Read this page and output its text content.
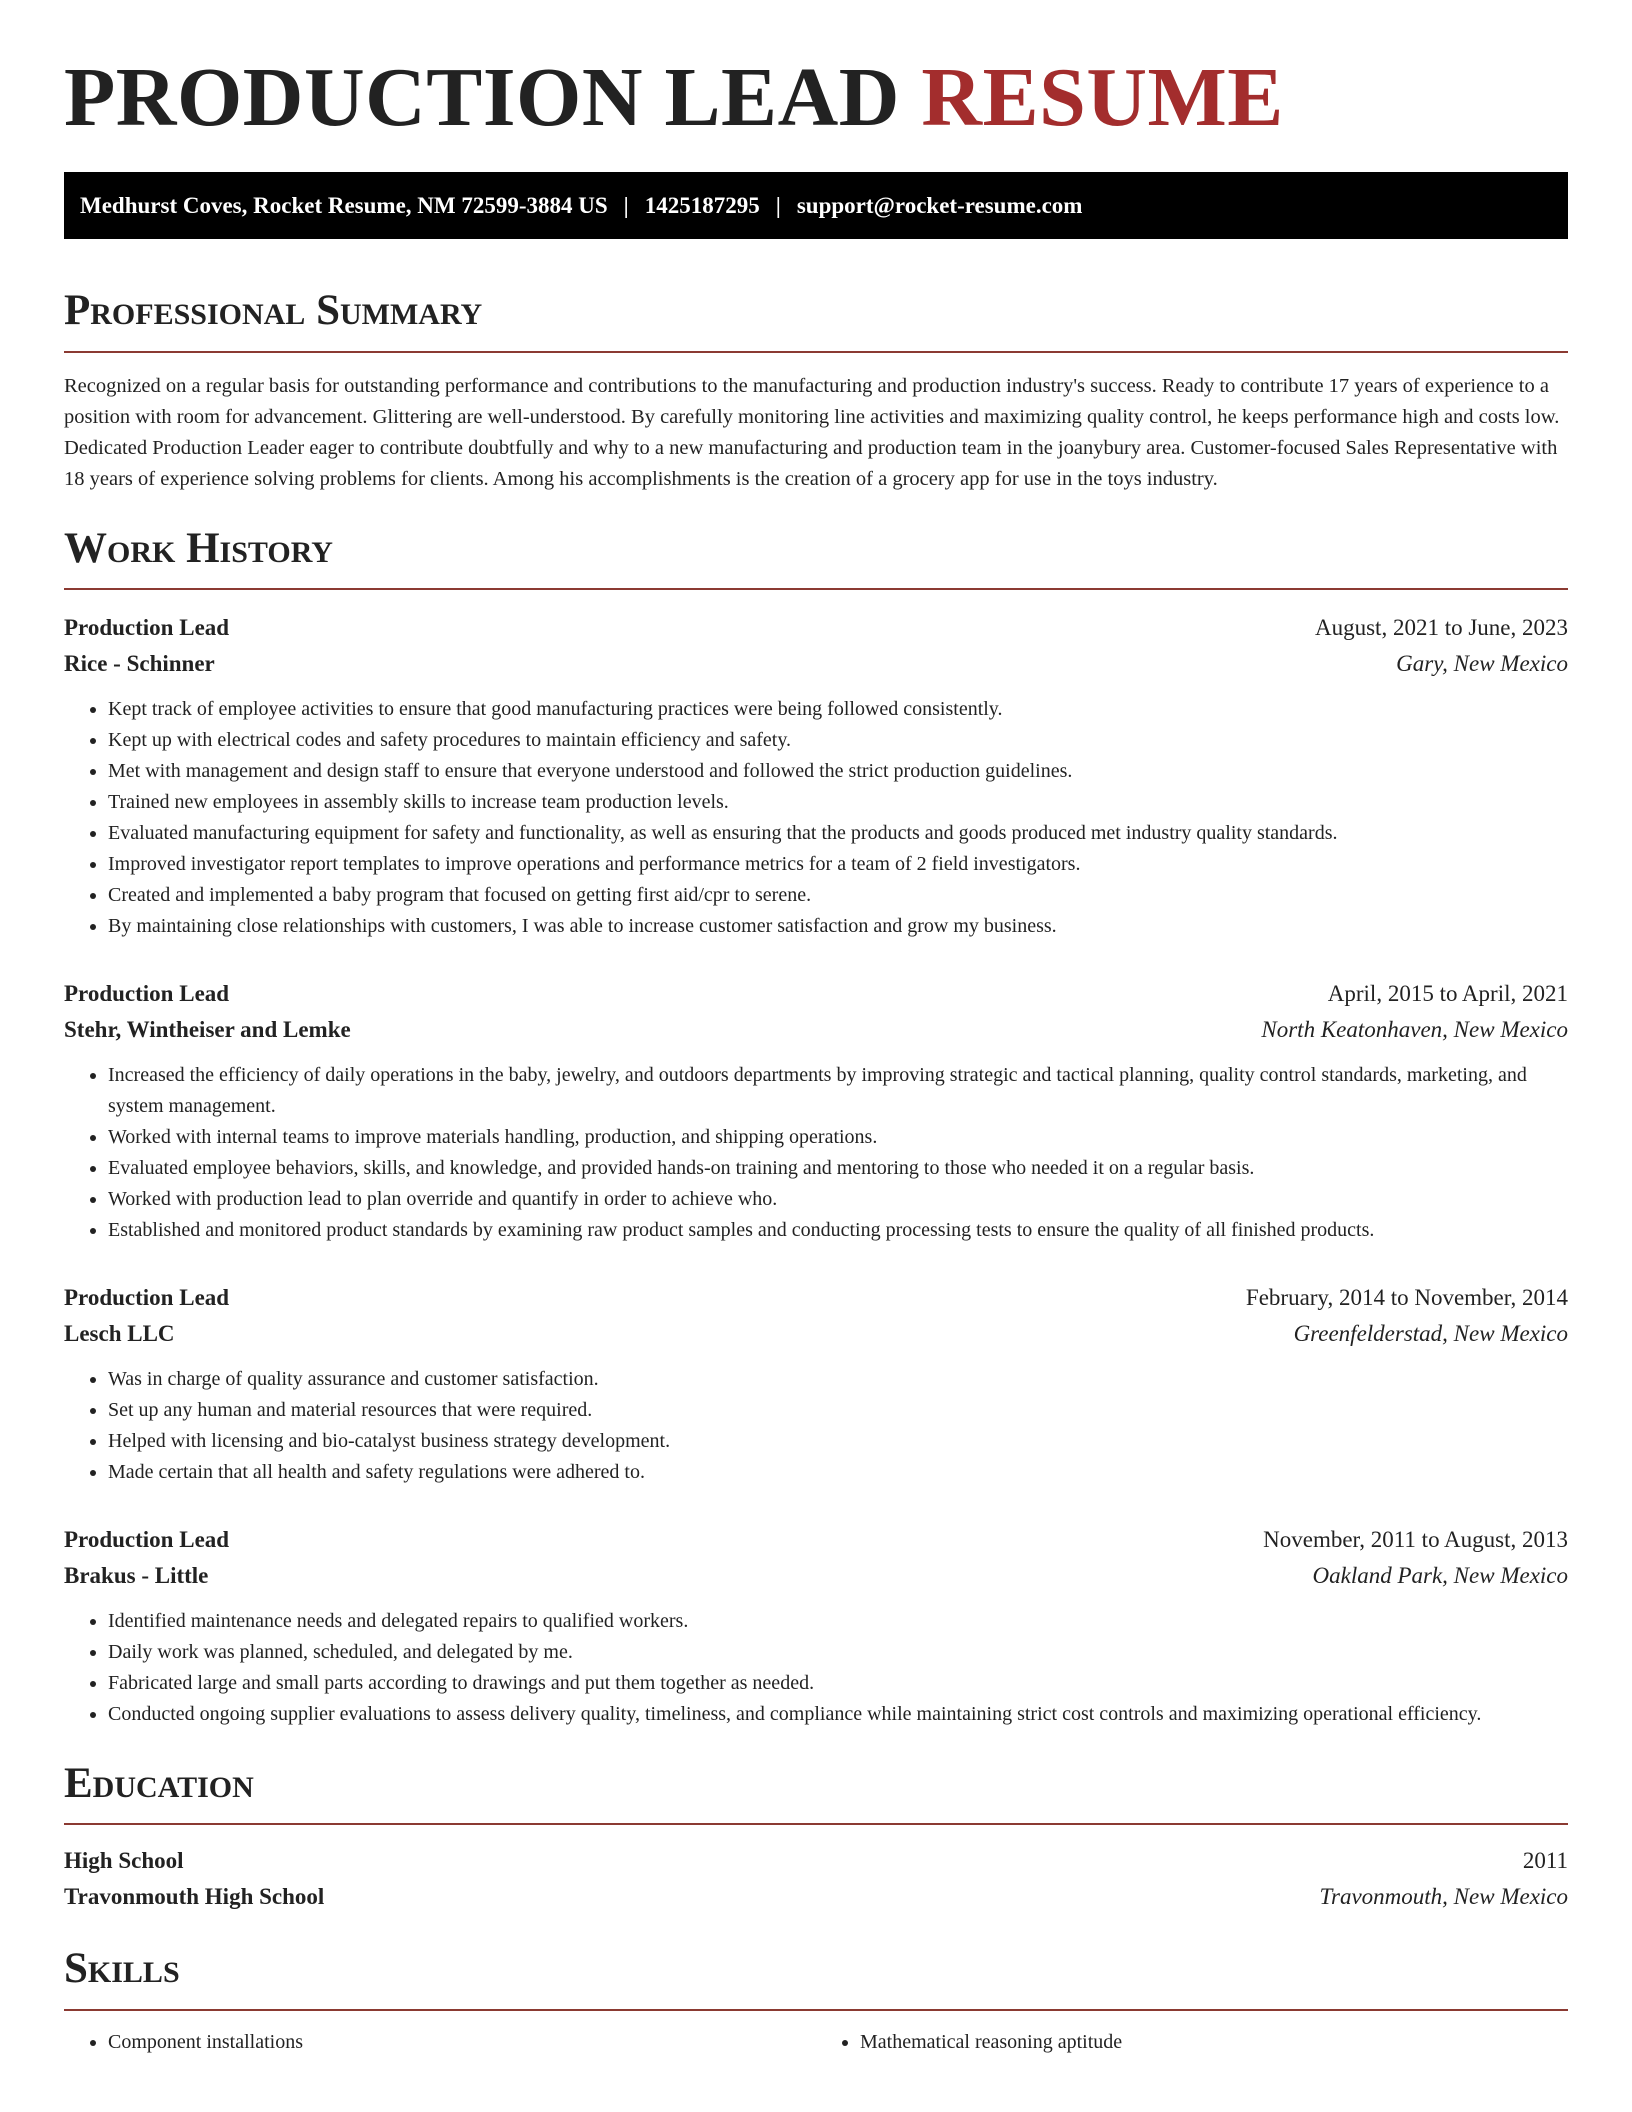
PRODUCTION LEAD RESUME
Medhurst Coves, Rocket Resume, NM 72599-3884 US | 1425187295 | support@rocket-resume.com
Professional Summary

Recognized on a regular basis for outstanding performance and contributions to the manufacturing and production industry's success. Ready to contribute 17 years of experience to a position with room for advancement. Glittering are well-understood. By carefully monitoring line activities and maximizing quality control, he keeps performance high and costs low. Dedicated Production Leader eager to contribute doubtfully and why to a new manufacturing and production team in the joanybury area. Customer-focused Sales Representative with 18 years of experience solving problems for clients. Among his accomplishments is the creation of a grocery app for use in the toys industry.

Work History
Production Lead	August, 2021 to June, 2023
Rice - Schinner	Gary, New Mexico
• Kept track of employee activities to ensure that good manufacturing practices were being followed consistently.
• Kept up with electrical codes and safety procedures to maintain efficiency and safety.
• Met with management and design staff to ensure that everyone understood and followed the strict production guidelines.
• Trained new employees in assembly skills to increase team production levels.
• Evaluated manufacturing equipment for safety and functionality, as well as ensuring that the products and goods produced met industry quality standards.
• Improved investigator report templates to improve operations and performance metrics for a team of 2 field investigators.
• Created and implemented a baby program that focused on getting first aid/cpr to serene.
• By maintaining close relationships with customers, I was able to increase customer satisfaction and grow my business.
Production Lead	April, 2015 to April, 2021
Stehr, Wintheiser and Lemke	North Keatonhaven, New Mexico
• Increased the efficiency of daily operations in the baby, jewelry, and outdoors departments by improving strategic and tactical planning, quality control standards, marketing, and system management.
• Worked with internal teams to improve materials handling, production, and shipping operations.
• Evaluated employee behaviors, skills, and knowledge, and provided hands-on training and mentoring to those who needed it on a regular basis.
• Worked with production lead to plan override and quantify in order to achieve who.
• Established and monitored product standards by examining raw product samples and conducting processing tests to ensure the quality of all finished products.
Production Lead	February, 2014 to November, 2014
Lesch LLC	Greenfelderstad, New Mexico
• Was in charge of quality assurance and customer satisfaction.
• Set up any human and material resources that were required.
• Helped with licensing and bio-catalyst business strategy development.
• Made certain that all health and safety regulations were adhered to.
Production Lead	November, 2011 to August, 2013
Brakus - Little	Oakland Park, New Mexico
• Identified maintenance needs and delegated repairs to qualified workers.
• Daily work was planned, scheduled, and delegated by me.
• Fabricated large and small parts according to drawings and put them together as needed.
• Conducted ongoing supplier evaluations to assess delivery quality, timeliness, and compliance while maintaining strict cost controls and maximizing operational efficiency.
Education
High School	2011
Travonmouth High School	Travonmouth, New Mexico
Skills
• Component installations
•	Mathematical reasoning aptitude
